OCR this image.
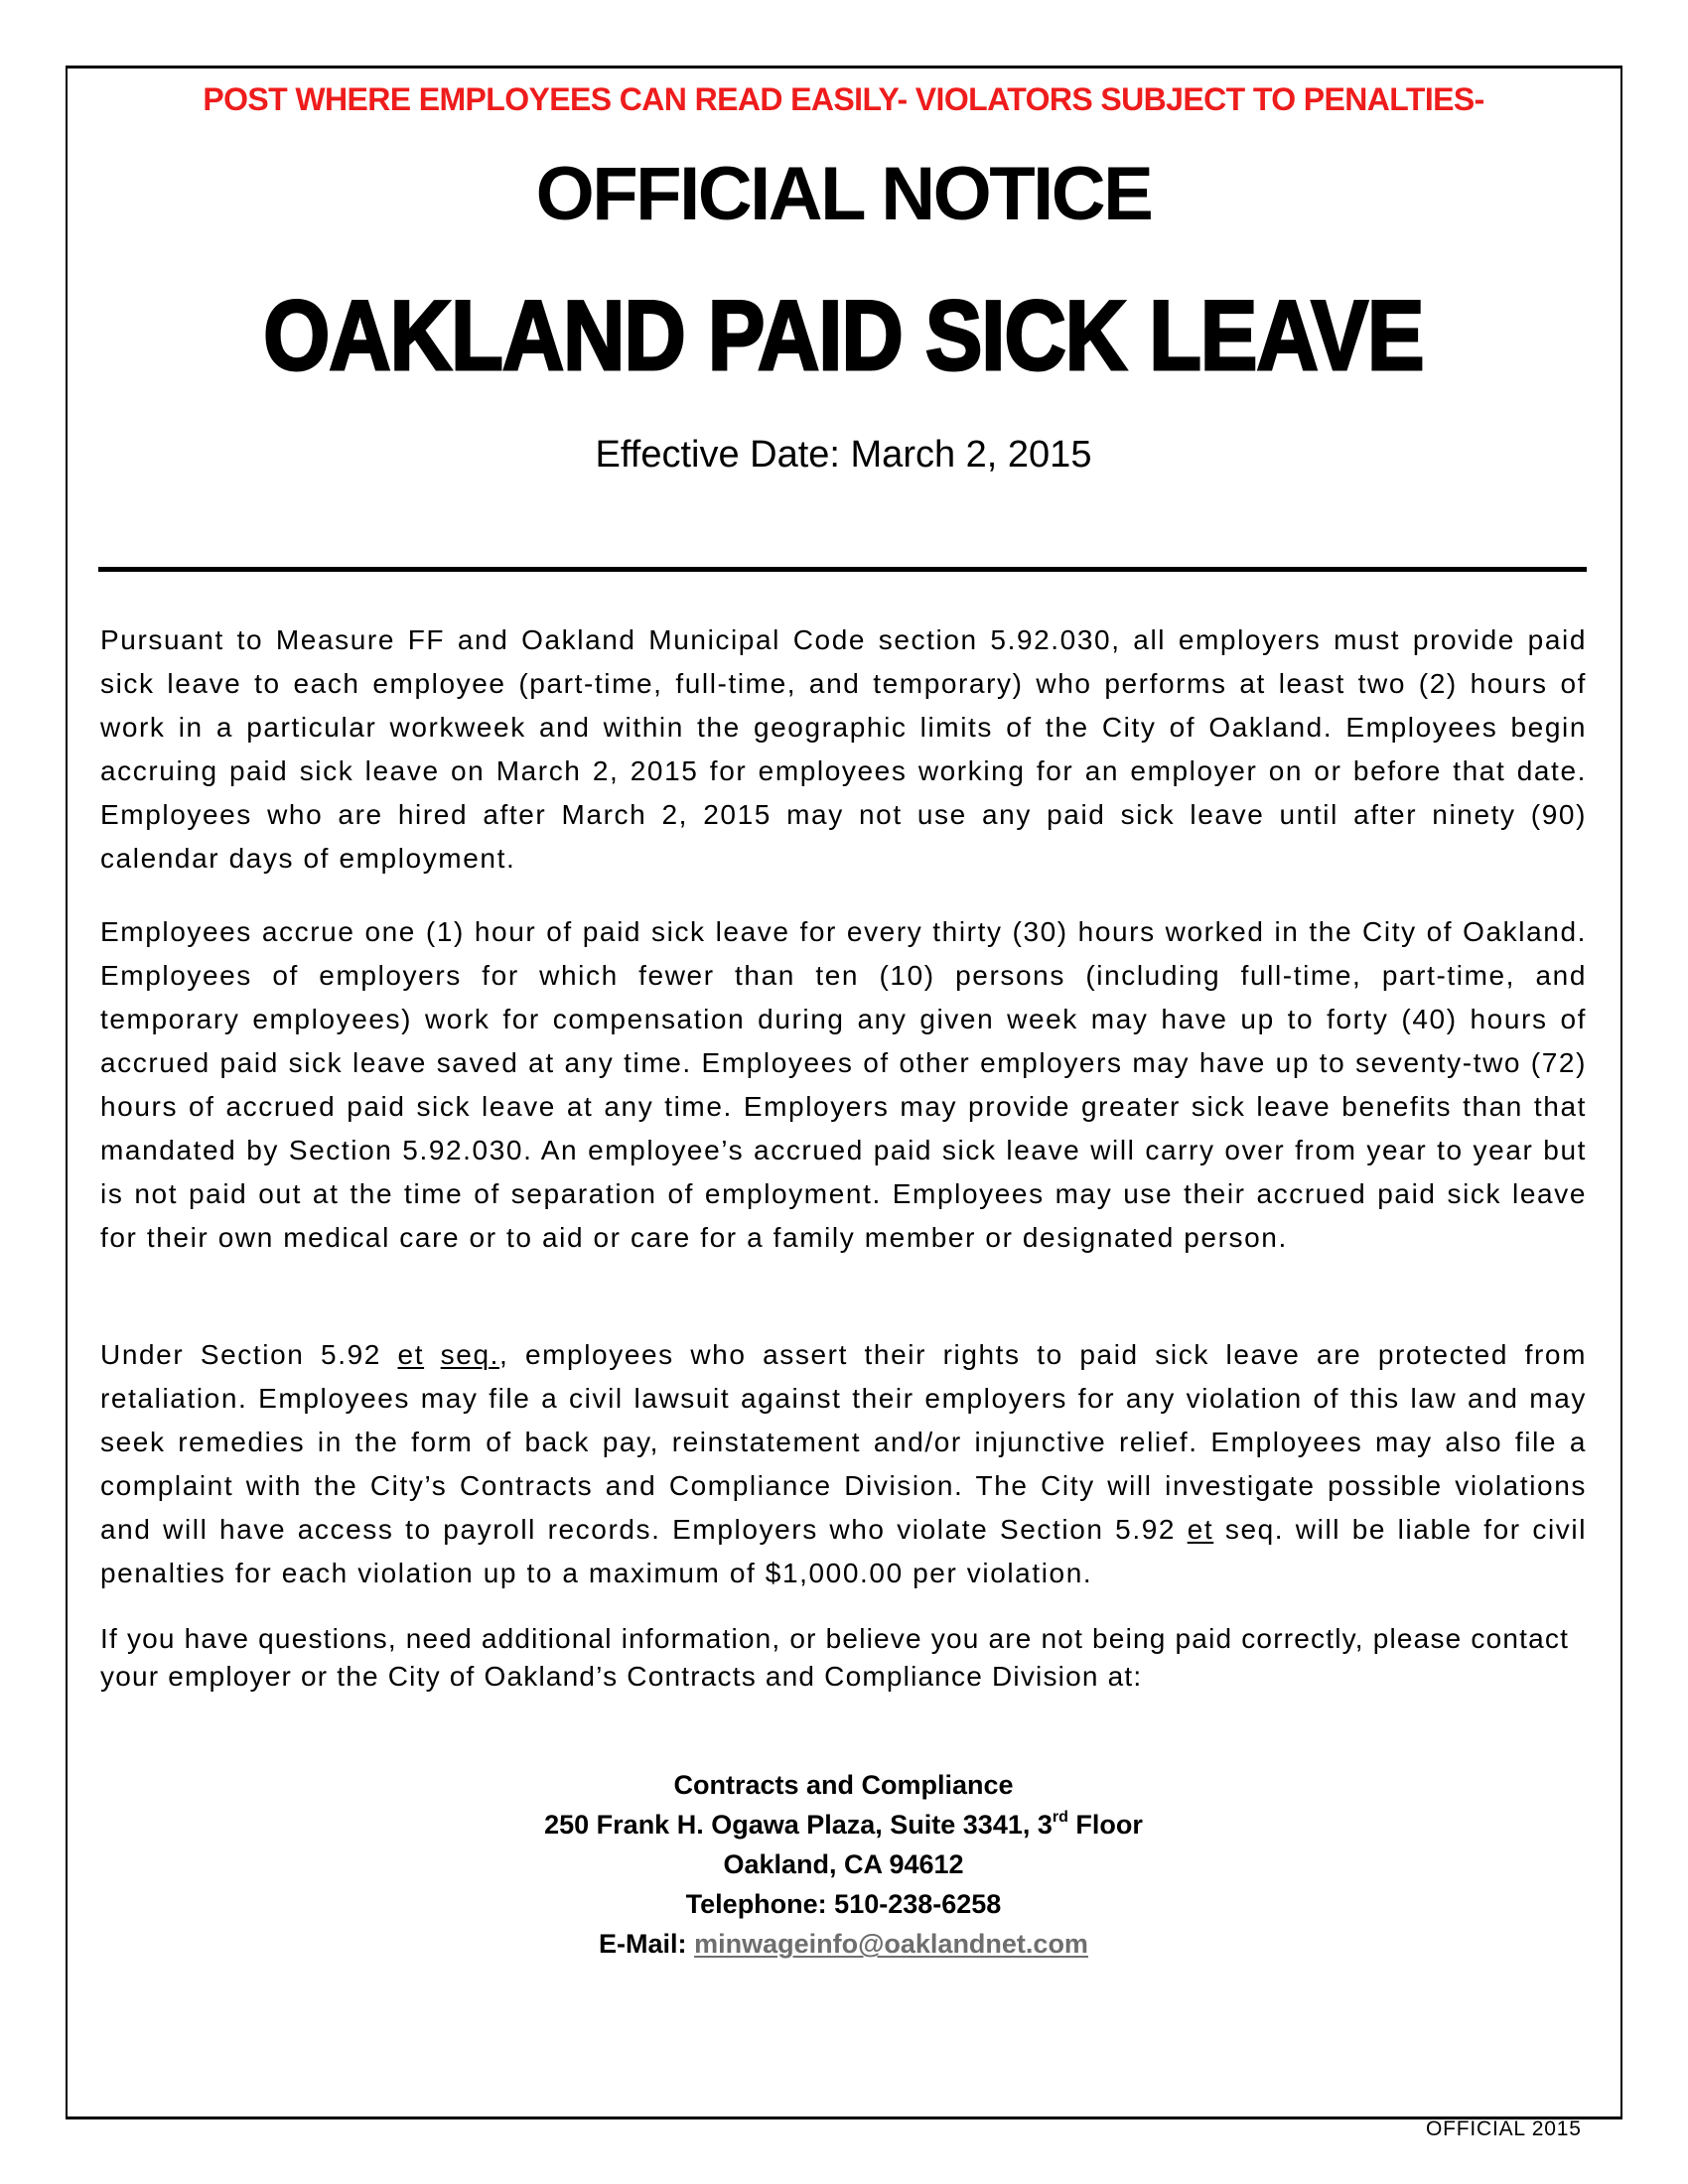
POST WHERE EMPLOYEES CAN READ EASILY- VIOLATORS SUBJECT TO PENALTIES-
OFFICIAL NOTICE
OAKLAND PAID SICK LEAVE
Effective Date: March 2, 2015

Pursuant to Measure FF and Oakland Municipal Code section 5.92.030, all employers must provide paid sick leave to each employee (part-time, full-time, and temporary) who performs at least two (2) hours of work in a particular workweek and within the geographic limits of the City of Oakland. Employees begin accruing paid sick leave on March 2, 2015 for employees working for an employer on or before that date. Employees who are hired after March 2, 2015 may not use any paid sick leave until after ninety (90) calendar days of employment.

Employees accrue one (1) hour of paid sick leave for every thirty (30) hours worked in the City of Oakland. Employees of employers for which fewer than ten (10) persons (including full-time, part-time, and temporary employees) work for compensation during any given week may have up to forty (40) hours of accrued paid sick leave saved at any time. Employees of other employers may have up to seventy-two (72) hours of accrued paid sick leave at any time. Employers may provide greater sick leave benefits than that mandated by Section 5.92.030. An employee’s accrued paid sick leave will carry over from year to year but is not paid out at the time of separation of employment. Employees may use their accrued paid sick leave for their own medical care or to aid or care for a family member or designated person.

Under Section 5.92 et seq., employees who assert their rights to paid sick leave are protected from retaliation. Employees may file a civil lawsuit against their employers for any violation of this law and may seek remedies in the form of back pay, reinstatement and/or injunctive relief. Employees may also file a complaint with the City’s Contracts and Compliance Division. The City will investigate possible violations and will have access to payroll records. Employers who violate Section 5.92 et seq. will be liable for civil penalties for each violation up to a maximum of $1,000.00 per violation.

If you have questions, need additional information, or believe you are not being paid correctly, please contact your employer or the City of Oakland’s Contracts and Compliance Division at:

Contracts and Compliance
250 Frank H. Ogawa Plaza, Suite 3341, 3rd Floor
Oakland, CA 94612
Telephone: 510-238-6258
E-Mail: minwageinfo@oaklandnet.com
OFFICIAL 2015
